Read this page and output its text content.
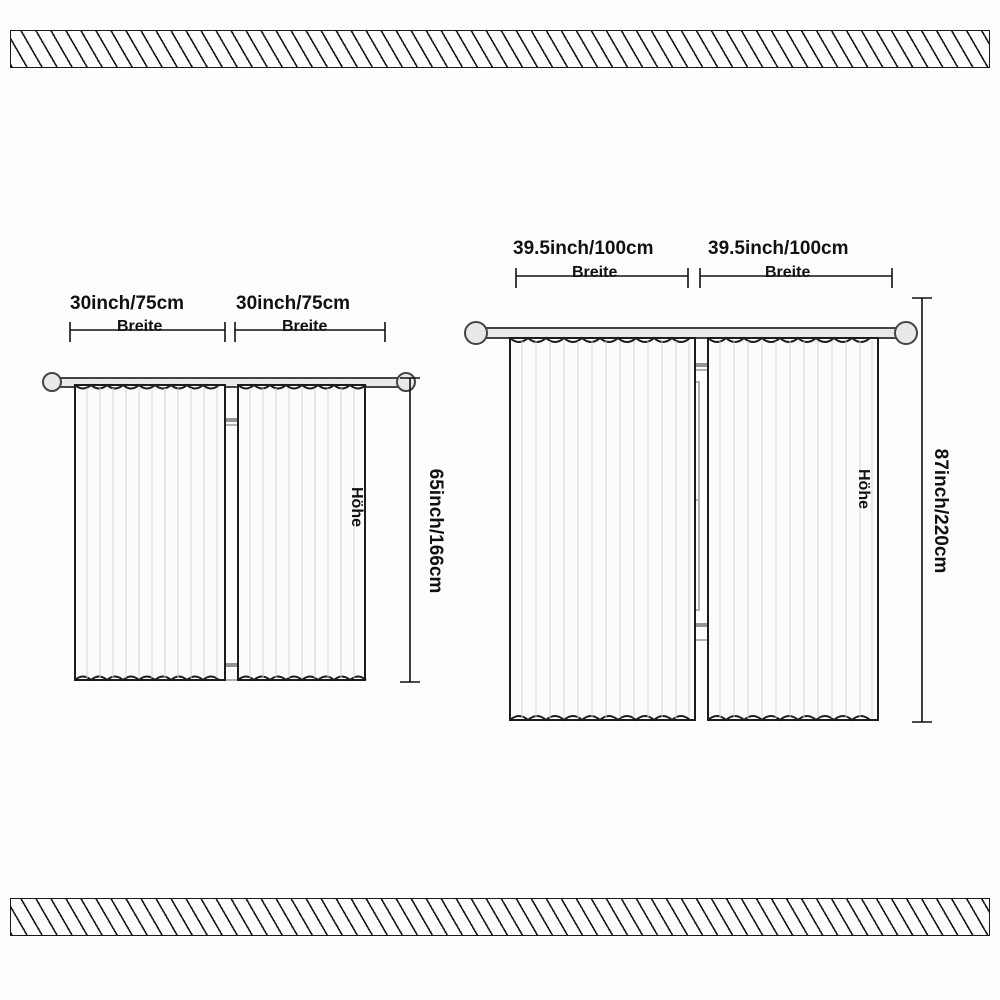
30inch/75cm	30inch/75cm
Breite	Breite
65inch/166cm
Höhe
39.5inch/100cm	39.5inch/100cm
Breite	Breite
87inch/220cm
Höhe
